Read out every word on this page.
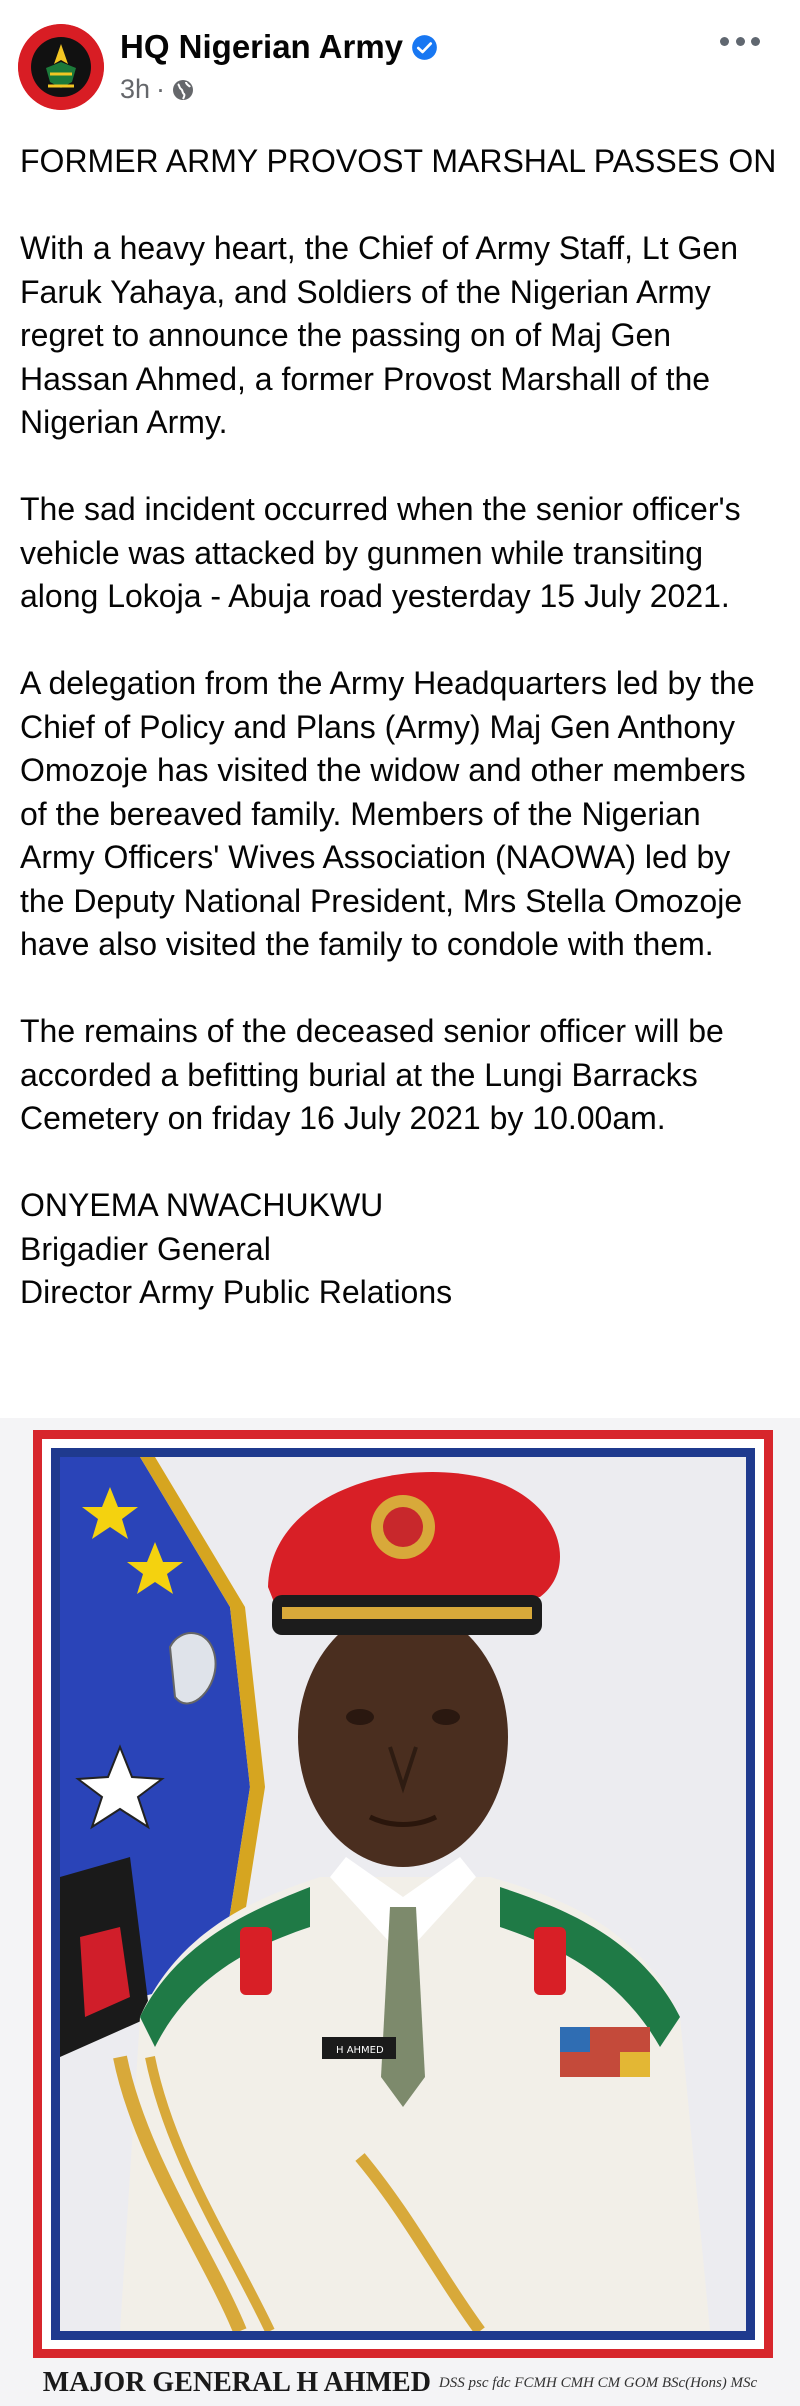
HQ Nigerian Army
3h ·

FORMER ARMY PROVOST MARSHAL PASSES ON

With a heavy heart, the Chief of Army Staff, Lt Gen Faruk Yahaya, and Soldiers of the Nigerian Army regret to announce the passing on of Maj Gen Hassan Ahmed, a former Provost Marshall of the Nigerian Army.

The sad incident occurred when the senior officer's vehicle was attacked by gunmen while transiting along Lokoja - Abuja road yesterday 15 July 2021.

A delegation from the Army Headquarters led by the Chief of Policy and Plans (Army) Maj Gen Anthony Omozoje has visited the widow and other members of the bereaved family. Members of the Nigerian Army Officers' Wives Association (NAOWA) led by the Deputy National President, Mrs Stella Omozoje have also visited the family to condole with them.

The remains of the deceased senior officer will be accorded a befitting burial at the Lungi Barracks Cemetery on friday 16 July 2021 by 10.00am.

ONYEMA NWACHUKWU
Brigadier General
Director Army Public Relations

H AHMED
MAJOR GENERAL H AHMED DSS psc fdc FCMH CMH CM GOM BSc(Hons) MSc
